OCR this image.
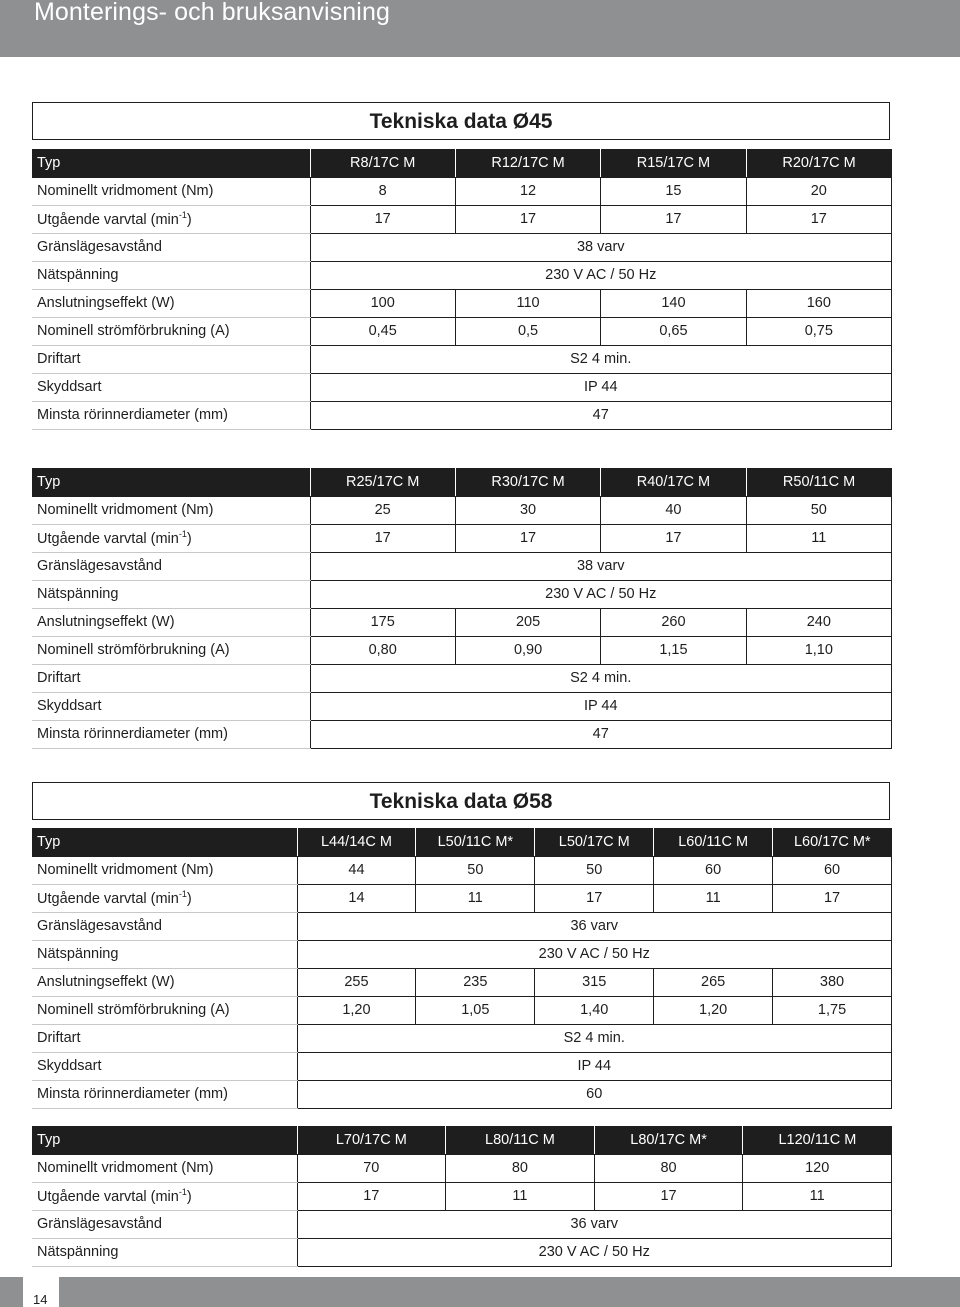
Monterings- och bruksanvisning
Tekniska data Ø45
Typ	R8/17C M	R12/17C M	R15/17C M	R20/17C M
Nominellt vridmoment (Nm)	8	12	15	20
Utgående varvtal $(\min^{-1})$	17	17	17	17
Gränslägesavstånd	38 varv			
Nätspänning	230 V AC / 50 Hz			
Anslutningseffekt (W)	100	110	140	160
Nominell strömförbrukning (A)	0,45	0,5	0,65	0,75
Driftart	S2 4 min.			
Skyddsart	IP 44			
Minsta rörinnerdiameter (mm)	47			
Typ	R25/17C M	R30/17C M	R40/17C M	R50/11C M
Nominellt vridmoment (Nm)	25	30	40	50
Utgående varvtal $(\min^{-1})$	17	17	17	11
Gränslägesavstånd	38 varv			
Nätspänning	230 V AC / 50 Hz			
Anslutningseffekt (W)	175	205	260	240
Nominell strömförbrukning (A)	0,80	0,90	1,15	1,10
Driftart	S2 4 min.			
Skyddsart	IP 44			
Minsta rörinnerdiameter (mm)	47			
Tekniska data Ø58
Typ	L44/14C M	L50/11C M*	L50/17C M	L60/11C M	L60/17C M*
Nominellt vridmoment (Nm)	44	50	50	60	60
Utgående varvtal $(\min^{-1})$	14	11	17	11	17
Gränslägesavstånd	36 varv				
Nätspänning	230 V AC / 50 Hz				
Anslutningseffekt (W)	255	235	315	265	380
Nominell strömförbrukning (A)	1,20	1,05	1,40	1,20	1,75
Driftart	S2 4 min.				
Skyddsart	IP 44				
Minsta rörinnerdiameter (mm)	60				
Typ	L70/17C M	L80/11C M	L80/17C M*	L120/11C M
Nominellt vridmoment (Nm)	70	80	80	120
Utgående varvtal $(\min^{-1})$	17	11	17	11
Gränslägesavstånd	36 varv			
Nätspänning	230 V AC / 50 Hz			
14
